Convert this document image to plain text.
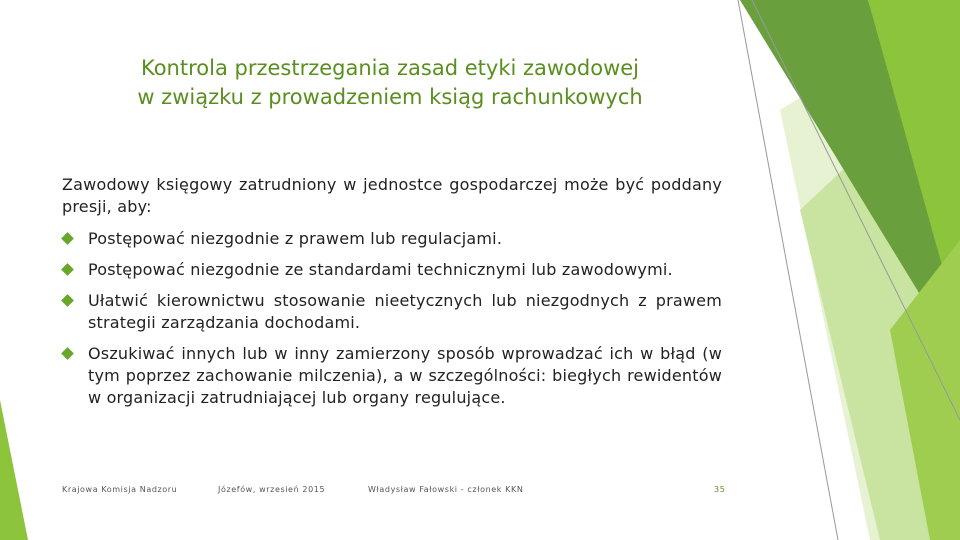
Kontrola przestrzegania zasad etyki zawodowej
w związku z prowadzeniem ksiąg rachunkowych
Zawodowy księgowy zatrudniony w jednostce gospodarczej może być poddany presji, aby:
Postępować niezgodnie z prawem lub regulacjami.
Postępować niezgodnie ze standardami technicznymi lub zawodowymi.
Ułatwić kierownictwu stosowanie nieetycznych lub niezgodnych z prawem strategii zarządzania dochodami.
Oszukiwać innych lub w inny zamierzony sposób wprowadzać ich w błąd (w tym poprzez zachowanie milczenia), a w szczególności: biegłych rewidentów w organizacji zatrudniającej lub organy regulujące.
Krajowa Komisja Nadzoru	Józefów, wrzesień 2015	Władysław Fałowski - członek KKN	35
